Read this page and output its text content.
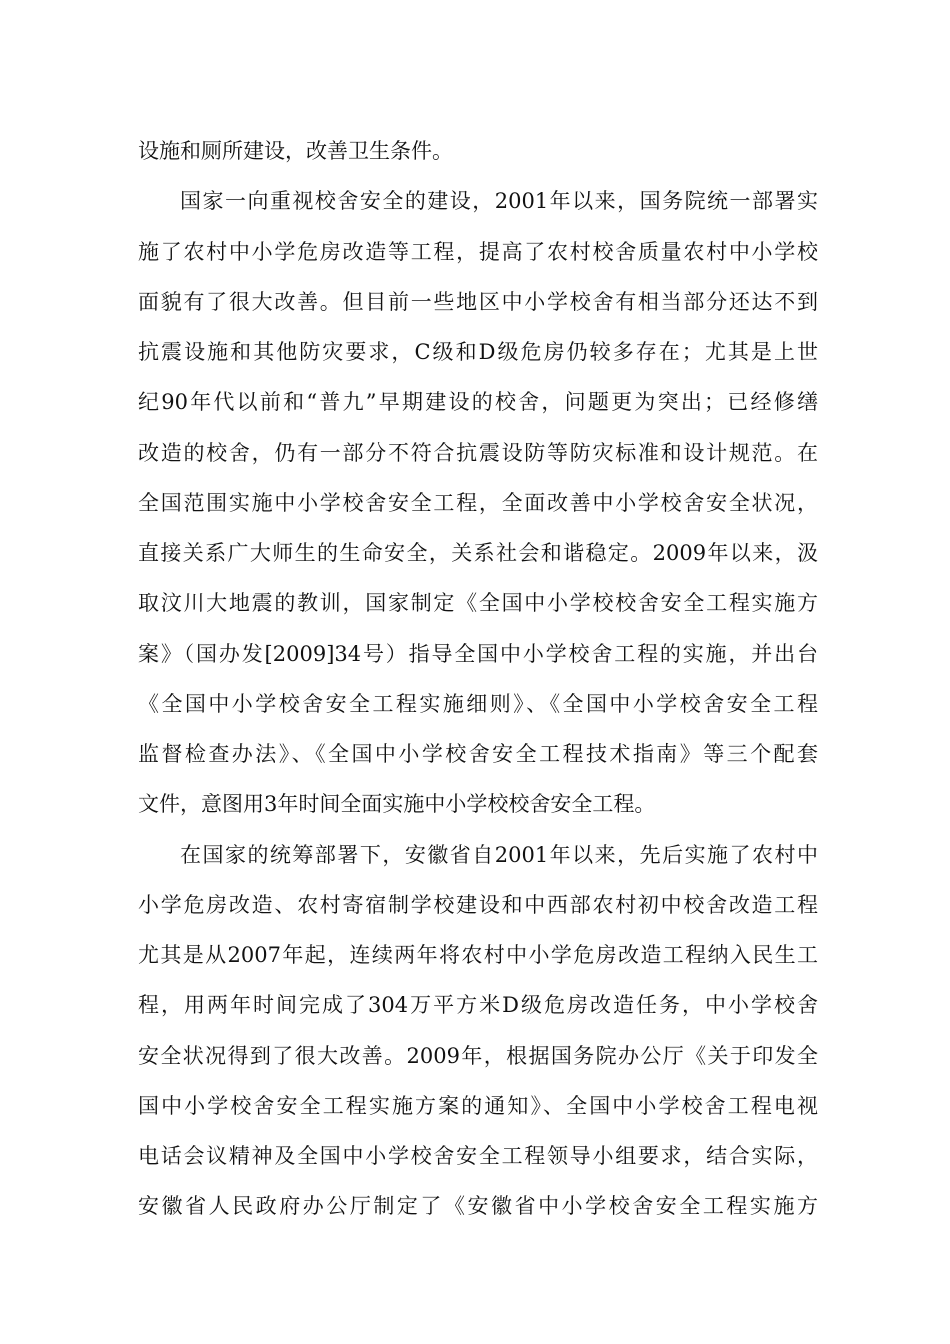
设施和厕所建设，改善卫生条件。
国家一向重视校舍安全的建设，2001年以来，国务院统一部署实
施了农村中小学危房改造等工程，提高了农村校舍质量农村中小学校
面貌有了很大改善。但目前一些地区中小学校舍有相当部分还达不到
抗震设施和其他防灾要求，C级和D级危房仍较多存在；尤其是上世
纪90年代以前和“普九”早期建设的校舍，问题更为突出；已经修缮
改造的校舍，仍有一部分不符合抗震设防等防灾标准和设计规范。在
全国范围实施中小学校舍安全工程，全面改善中小学校舍安全状况，
直接关系广大师生的生命安全，关系社会和谐稳定。2009年以来，汲
取汶川大地震的教训，国家制定《全国中小学校校舍安全工程实施方
案》（国办发[2009]34号）指导全国中小学校舍工程的实施，并出台
《全国中小学校舍安全工程实施细则》、《全国中小学校舍安全工程
监督检查办法》、《全国中小学校舍安全工程技术指南》等三个配套
文件，意图用3年时间全面实施中小学校校舍安全工程。
在国家的统筹部署下，安徽省自2001年以来，先后实施了农村中
小学危房改造、农村寄宿制学校建设和中西部农村初中校舍改造工程
尤其是从2007年起，连续两年将农村中小学危房改造工程纳入民生工
程，用两年时间完成了304万平方米D级危房改造任务，中小学校舍
安全状况得到了很大改善。2009年，根据国务院办公厅《关于印发全
国中小学校舍安全工程实施方案的通知》、全国中小学校舍工程电视
电话会议精神及全国中小学校舍安全工程领导小组要求，结合实际，
安徽省人民政府办公厅制定了《安徽省中小学校舍安全工程实施方
